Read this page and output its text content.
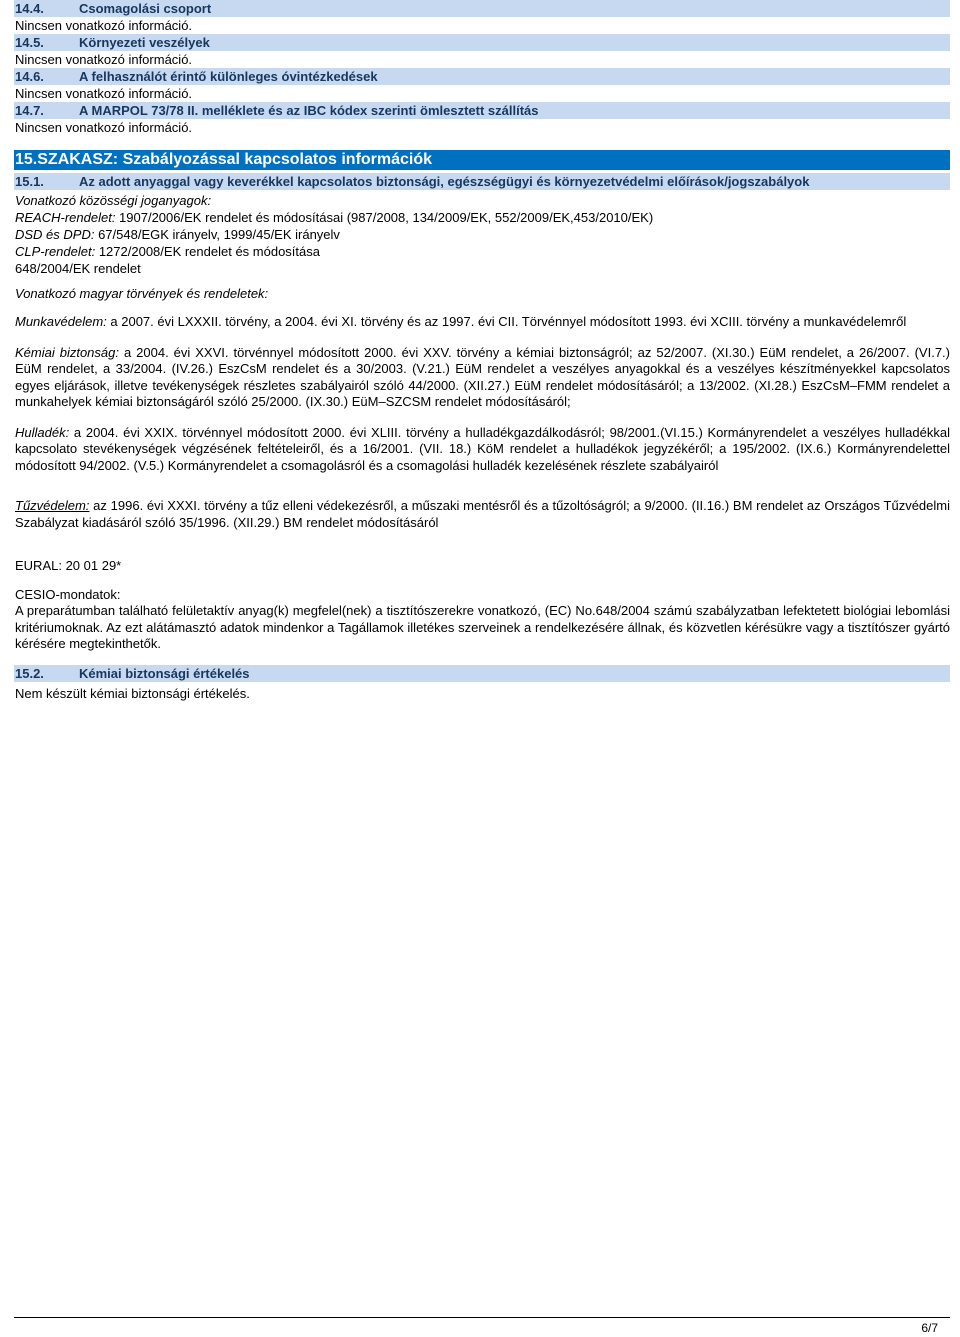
14.4.	Csomagolási csoport
Nincsen vonatkozó információ.
14.5.	Környezeti veszélyek
Nincsen vonatkozó információ.
14.6.	A felhasználót érintő különleges óvintézkedések
Nincsen vonatkozó információ.
14.7.	A MARPOL 73/78 II. melléklete és az IBC kódex szerinti ömlesztett szállítás
Nincsen vonatkozó információ.
15.SZAKASZ: Szabályozással kapcsolatos információk
15.1.	Az adott anyaggal vagy keverékkel kapcsolatos biztonsági, egészségügyi és környezetvédelmi előírások/jogszabályok
Vonatkozó közösségi joganyagok:
REACH-rendelet: 1907/2006/EK rendelet és módosításai (987/2008, 134/2009/EK, 552/2009/EK,453/2010/EK)
DSD és DPD: 67/548/EGK irányelv, 1999/45/EK irányelv
CLP-rendelet: 1272/2008/EK rendelet és módosítása
648/2004/EK rendelet
Vonatkozó magyar törvények és rendeletek:
Munkavédelem: a 2007. évi LXXXII. törvény, a 2004. évi XI. törvény és az 1997. évi CII. Törvénnyel módosított 1993. évi XCIII. törvény a munkavédelemről
Kémiai biztonság: a 2004. évi XXVI. törvénnyel módosított 2000. évi XXV. törvény a kémiai biztonságról; az 52/2007. (XI.30.) EüM rendelet, a 26/2007. (VI.7.) EüM rendelet, a 33/2004. (IV.26.) EszCsM rendelet és a 30/2003. (V.21.) EüM rendelet a veszélyes anyagokkal és a veszélyes készítményekkel kapcsolatos egyes eljárások, illetve tevékenységek részletes szabályairól szóló 44/2000. (XII.27.) EüM rendelet módosításáról; a 13/2002. (XI.28.) EszCsM–FMM rendelet a munkahelyek kémiai biztonságáról szóló 25/2000. (IX.30.) EüM–SZCSM rendelet módosításáról;
Hulladék: a 2004. évi XXIX. törvénnyel módosított 2000. évi XLIII. törvény a hulladékgazdálkodásról; 98/2001.(VI.15.) Kormányrendelet a veszélyes hulladékkal kapcsolato stevékenységek végzésének feltételeiről, és a 16/2001. (VII. 18.) KöM rendelet a hulladékok jegyzékéről; a 195/2002. (IX.6.) Kormányrendelettel módosított 94/2002. (V.5.) Kormányrendelet a csomagolásról és a csomagolási hulladék kezelésének részlete szabályairól
Tűzvédelem: az 1996. évi XXXI. törvény a tűz elleni védekezésről, a műszaki mentésről és a tűzoltóságról; a 9/2000. (II.16.) BM rendelet az Országos Tűzvédelmi Szabályzat kiadásáról szóló 35/1996. (XII.29.) BM rendelet módosításáról
EURAL: 20 01 29*
CESIO-mondatok:
A preparátumban található felületaktív anyag(k) megfelel(nek) a tisztítószerekre vonatkozó, (EC) No.648/2004 számú szabályzatban lefektetett biológiai lebomlási kritériumoknak. Az ezt alátámasztó adatok mindenkor a Tagállamok illetékes szerveinek a rendelkezésére állnak, és közvetlen kérésükre vagy a tisztítószer gyártó kérésére megtekinthetők.
15.2.	Kémiai biztonsági értékelés
Nem készült kémiai biztonsági értékelés.
6/7
